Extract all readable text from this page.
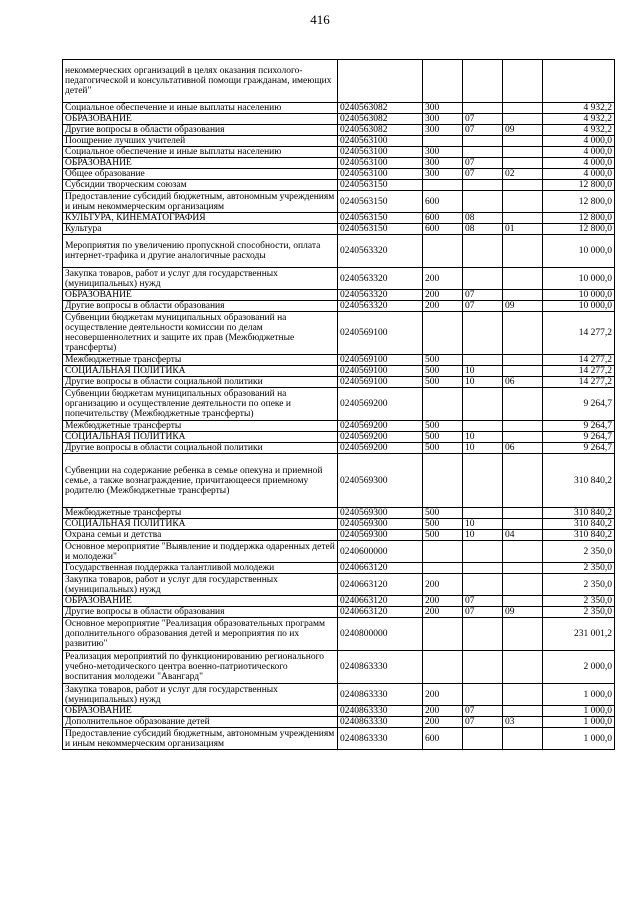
416
некоммерческих организаций в целях оказания психолого-педагогической и консультативной помощи гражданам, имеющих детей"					
Социальное обеспечение и иные выплаты населению	0240563082	300			4 932,2
ОБРАЗОВАНИЕ	0240563082	300	07		4 932,2
Другие вопросы в области образования	0240563082	300	07	09	4 932,2
Поощрение лучших учителей	0240563100				4 000,0
Социальное обеспечение и иные выплаты населению	0240563100	300			4 000,0
ОБРАЗОВАНИЕ	0240563100	300	07		4 000,0
Общее образование	0240563100	300	07	02	4 000,0
Субсидии творческим союзам	0240563150				12 800,0
Предоставление субсидий бюджетным, автономным учреждениям и иным некоммерческим организациям	0240563150	600			12 800,0
КУЛЬТУРА, КИНЕМАТОГРАФИЯ	0240563150	600	08		12 800,0
Культура	0240563150	600	08	01	12 800,0
Мероприятия по увеличению пропускной способности, оплата интернет-трафика и другие аналогичные расходы	0240563320				10 000,0
Закупка товаров, работ и услуг для государственных (муниципальных) нужд	0240563320	200			10 000,0
ОБРАЗОВАНИЕ	0240563320	200	07		10 000,0
Другие вопросы в области образования	0240563320	200	07	09	10 000,0
Субвенции бюджетам муниципальных образований на осуществление деятельности комиссии по делам несовершеннолетних и защите их прав (Межбюджетные трансферты)	0240569100				14 277,2
Межбюджетные трансферты	0240569100	500			14 277,2
СОЦИАЛЬНАЯ ПОЛИТИКА	0240569100	500	10		14 277,2
Другие вопросы в области социальной политики	0240569100	500	10	06	14 277,2
Субвенции бюджетам муниципальных образований на организацию и осуществление деятельности по опеке и попечительству (Межбюджетные трансферты)	0240569200				9 264,7
Межбюджетные трансферты	0240569200	500			9 264,7
СОЦИАЛЬНАЯ ПОЛИТИКА	0240569200	500	10		9 264,7
Другие вопросы в области социальной политики	0240569200	500	10	06	9 264,7
Субвенции на содержание ребенка в семье опекуна и приемной семье, а также вознаграждение, причитающееся приемному родителю (Межбюджетные трансферты)	0240569300				310 840,2
Межбюджетные трансферты	0240569300	500			310 840,2
СОЦИАЛЬНАЯ ПОЛИТИКА	0240569300	500	10		310 840,2
Охрана семьи и детства	0240569300	500	10	04	310 840,2
Основное мероприятие "Выявление и поддержка одаренных детей и молодежи"	0240600000				2 350,0
Государственная поддержка талантливой молодежи	0240663120				2 350,0
Закупка товаров, работ и услуг для государственных (муниципальных) нужд	0240663120	200			2 350,0
ОБРАЗОВАНИЕ	0240663120	200	07		2 350,0
Другие вопросы в области образования	0240663120	200	07	09	2 350,0
Основное мероприятие "Реализация образовательных программ дополнительного образования детей и мероприятия по их развитию"	0240800000				231 001,2
Реализация мероприятий по функционированию регионального учебно-методического центра военно-патриотического воспитания молодежи "Авангард"	0240863330				2 000,0
Закупка товаров, работ и услуг для государственных (муниципальных) нужд	0240863330	200			1 000,0
ОБРАЗОВАНИЕ	0240863330	200	07		1 000,0
Дополнительное образование детей	0240863330	200	07	03	1 000,0
Предоставление субсидий бюджетным, автономным учреждениям и иным некоммерческим организациям	0240863330	600			1 000,0
